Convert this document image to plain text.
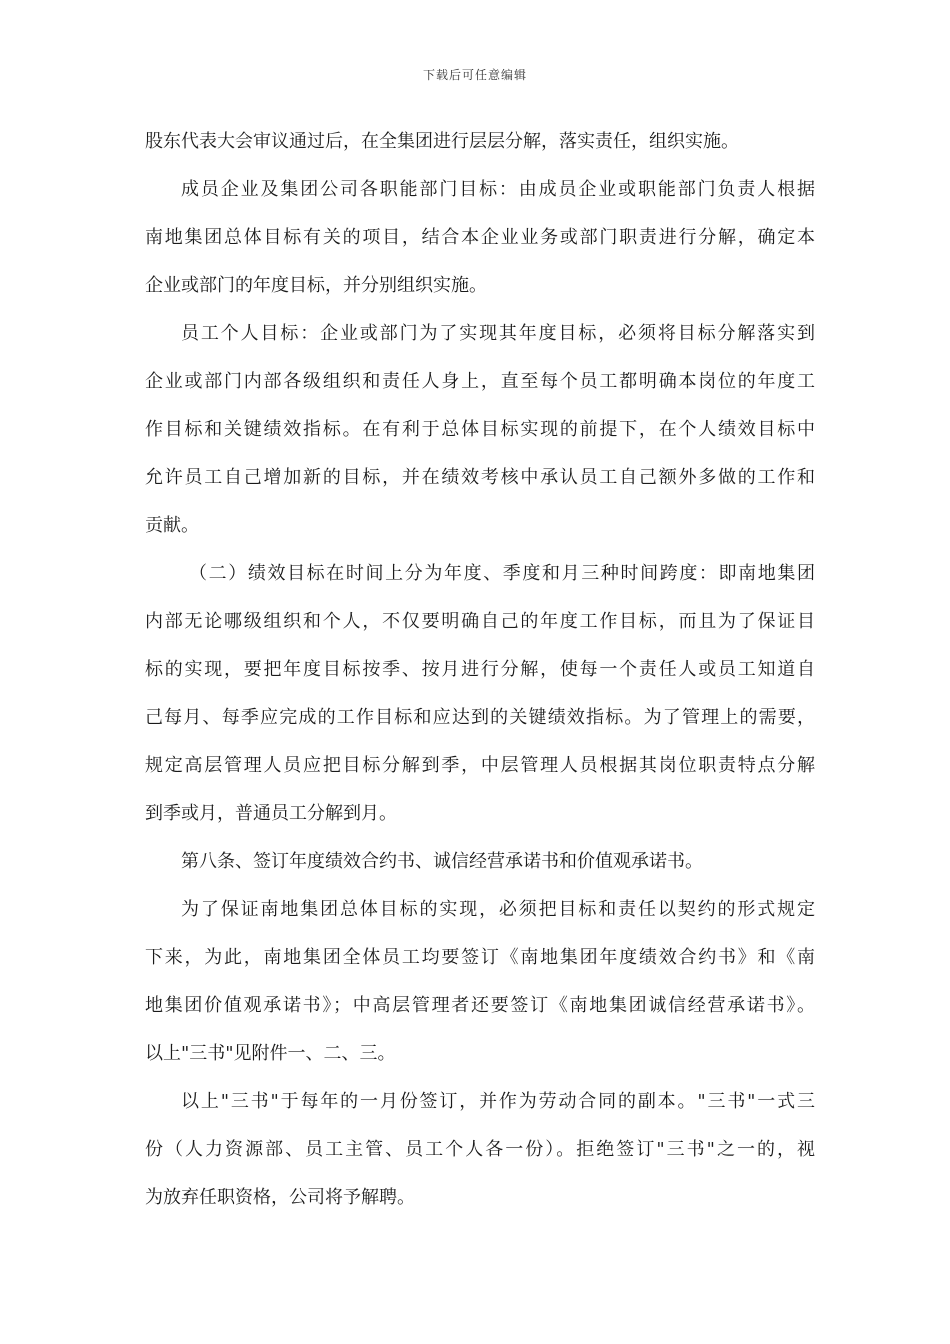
下载后可任意编辑
股东代表大会审议通过后，在全集团进行层层分解，落实责任，组织实施。
成员企业及集团公司各职能部门目标：由成员企业或职能部门负责人根据
南地集团总体目标有关的项目，结合本企业业务或部门职责进行分解，确定本
企业或部门的年度目标，并分别组织实施。
员工个人目标：企业或部门为了实现其年度目标，必须将目标分解落实到
企业或部门内部各级组织和责任人身上，直至每个员工都明确本岗位的年度工
作目标和关键绩效指标。在有利于总体目标实现的前提下，在个人绩效目标中
允许员工自己增加新的目标，并在绩效考核中承认员工自己额外多做的工作和
贡献。
（二）绩效目标在时间上分为年度、季度和月三种时间跨度：即南地集团
内部无论哪级组织和个人，不仅要明确自己的年度工作目标，而且为了保证目
标的实现，要把年度目标按季、按月进行分解，使每一个责任人或员工知道自
己每月、每季应完成的工作目标和应达到的关键绩效指标。为了管理上的需要，
规定高层管理人员应把目标分解到季，中层管理人员根据其岗位职责特点分解
到季或月，普通员工分解到月。
第八条、签订年度绩效合约书、诚信经营承诺书和价值观承诺书。
为了保证南地集团总体目标的实现，必须把目标和责任以契约的形式规定
下来，为此，南地集团全体员工均要签订《南地集团年度绩效合约书》和《南
地集团价值观承诺书》；中高层管理者还要签订《南地集团诚信经营承诺书》。
以上"三书"见附件一、二、三。
以上"三书"于每年的一月份签订，并作为劳动合同的副本。"三书"一式三
份（人力资源部、员工主管、员工个人各一份）。拒绝签订"三书"之一的，视
为放弃任职资格，公司将予解聘。
